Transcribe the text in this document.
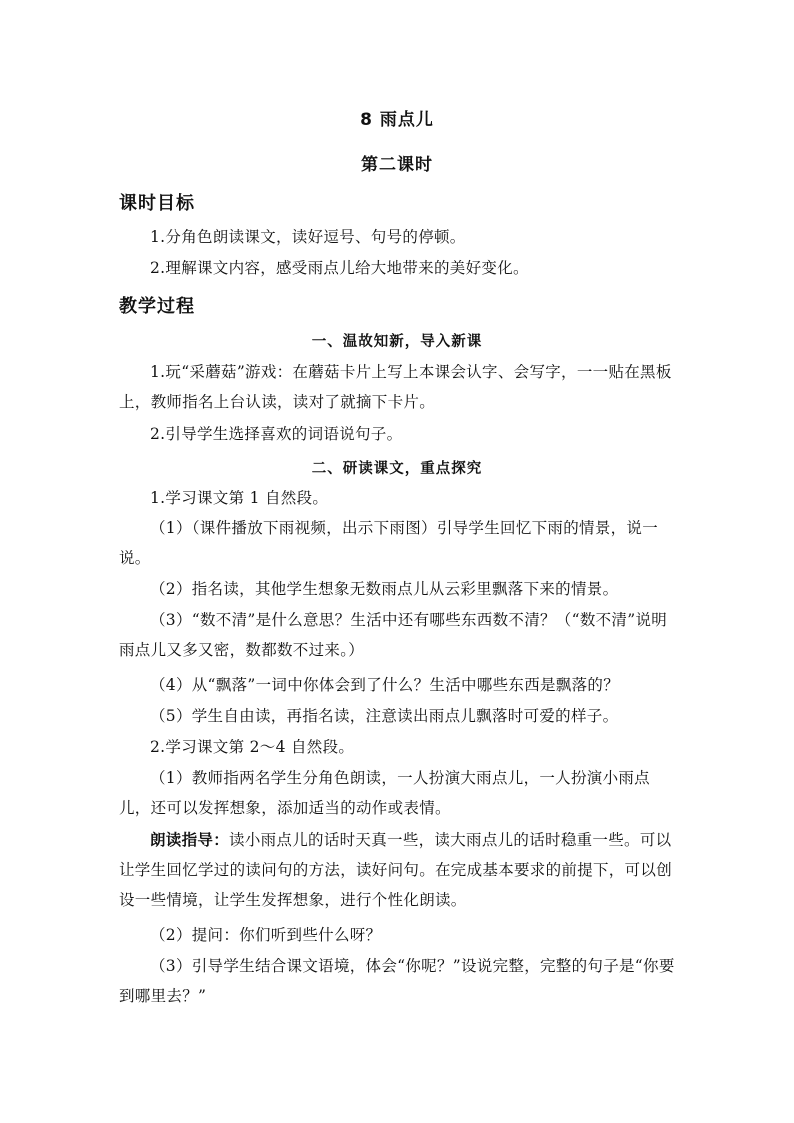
8 雨点儿
第二课时
课时目标
1.分角色朗读课文，读好逗号、句号的停顿。
2.理解课文内容，感受雨点儿给大地带来的美好变化。
教学过程
一、温故知新，导入新课
1.玩“采蘑菇”游戏：在蘑菇卡片上写上本课会认字、会写字，一一贴在黑板上，教师指名上台认读，读对了就摘下卡片。
2.引导学生选择喜欢的词语说句子。
二、研读课文，重点探究
1.学习课文第 1 自然段。
（1）（课件播放下雨视频，出示下雨图）引导学生回忆下雨的情景，说一说。
（2）指名读，其他学生想象无数雨点儿从云彩里飘落下来的情景。
（3）“数不清”是什么意思？生活中还有哪些东西数不清？（“数不清”说明雨点儿又多又密，数都数不过来。）
（4）从“飘落”一词中你体会到了什么？生活中哪些东西是飘落的？
（5）学生自由读，再指名读，注意读出雨点儿飘落时可爱的样子。
2.学习课文第 2～4 自然段。
（1）教师指两名学生分角色朗读，一人扮演大雨点儿，一人扮演小雨点儿，还可以发挥想象，添加适当的动作或表情。
朗读指导：读小雨点儿的话时天真一些，读大雨点儿的话时稳重一些。可以让学生回忆学过的读问句的方法，读好问句。在完成基本要求的前提下，可以创设一些情境，让学生发挥想象，进行个性化朗读。
（2）提问：你们听到些什么呀？
（3）引导学生结合课文语境，体会“你呢？”设说完整，完整的句子是“你要到哪里去？”
